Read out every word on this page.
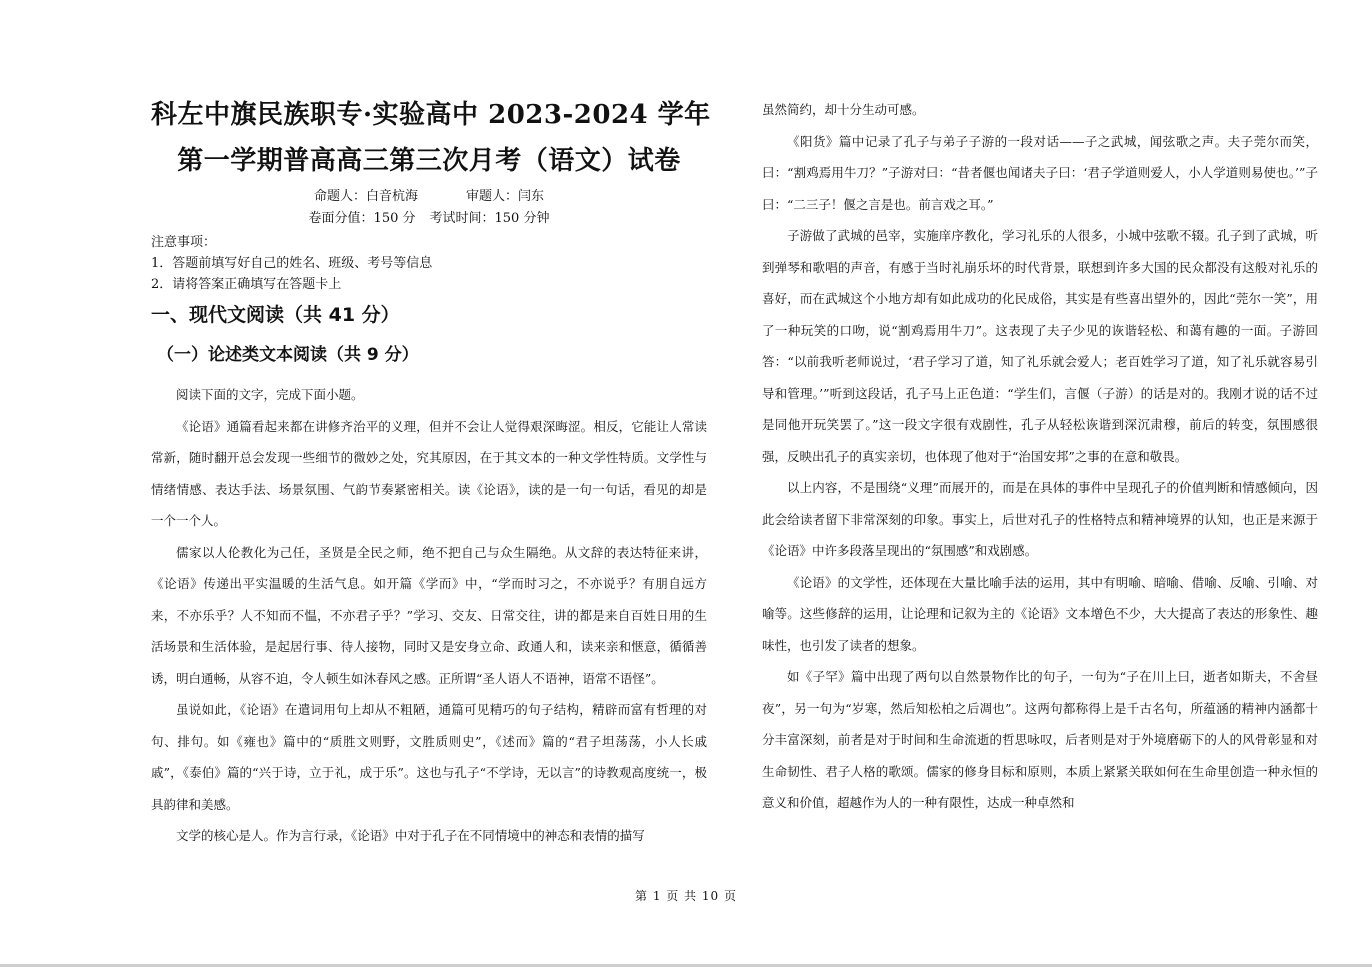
科左中旗民族职专·实验高中 2023-2024 学年
第一学期普高高三第三次月考（语文）试卷
命题人：白音杭海	审题人：闫东
卷面分值：150 分 考试时间：150 分钟
注意事项：
1．答题前填写好自己的姓名、班级、考号等信息
2．请将答案正确填写在答题卡上
一、现代文阅读（共 41 分）
（一）论述类文本阅读（共 9 分）

阅读下面的文字，完成下面小题。

《论语》通篇看起来都在讲修齐治平的义理，但并不会让人觉得艰深晦涩。相反，它能让人常读常新，随时翻开总会发现一些细节的微妙之处，究其原因，在于其文本的一种文学性特质。文学性与情绪情感、表达手法、场景氛围、气韵节奏紧密相关。读《论语》，读的是一句一句话，看见的却是一个一个人。

儒家以人伦教化为己任，圣贤是全民之师，绝不把自己与众生隔绝。从文辞的表达特征来讲，《论语》传递出平实温暖的生活气息。如开篇《学而》中，“学而时习之，不亦说乎？有朋自远方来，不亦乐乎？人不知而不愠，不亦君子乎？”学习、交友、日常交往，讲的都是来自百姓日用的生活场景和生活体验，是起居行事、待人接物，同时又是安身立命、政通人和，读来亲和惬意，循循善诱，明白通畅，从容不迫，令人顿生如沐春风之感。正所谓“圣人语人不语神，语常不语怪”。

虽说如此，《论语》在遣词用句上却从不粗陋，通篇可见精巧的句子结构，精辟而富有哲理的对句、排句。如《雍也》篇中的“质胜文则野，文胜质则史”，《述而》篇的“君子坦荡荡，小人长戚戚”，《泰伯》篇的“兴于诗，立于礼，成于乐”。这也与孔子“不学诗，无以言”的诗教观高度统一，极具韵律和美感。

文学的核心是人。作为言行录，《论语》中对于孔子在不同情境中的神态和表情的描写

虽然简约，却十分生动可感。

《阳货》篇中记录了孔子与弟子子游的一段对话——子之武城，闻弦歌之声。夫子莞尔而笑，曰：“割鸡焉用牛刀？”子游对曰：“昔者偃也闻诸夫子曰：‘君子学道则爱人，小人学道则易使也。’”子曰：“二三子！偃之言是也。前言戏之耳。”

子游做了武城的邑宰，实施庠序教化，学习礼乐的人很多，小城中弦歌不辍。孔子到了武城，听到弹琴和歌唱的声音，有感于当时礼崩乐坏的时代背景，联想到许多大国的民众都没有这般对礼乐的喜好，而在武城这个小地方却有如此成功的化民成俗，其实是有些喜出望外的，因此“莞尔一笑”，用了一种玩笑的口吻，说“割鸡焉用牛刀”。这表现了夫子少见的诙谐轻松、和蔼有趣的一面。子游回答：“以前我听老师说过，‘君子学习了道，知了礼乐就会爱人；老百姓学习了道，知了礼乐就容易引导和管理。’”听到这段话，孔子马上正色道：“学生们，言偃（子游）的话是对的。我刚才说的话不过是同他开玩笑罢了。”这一段文字很有戏剧性，孔子从轻松诙谐到深沉肃穆，前后的转变，氛围感很强，反映出孔子的真实亲切，也体现了他对于“治国安邦”之事的在意和敬畏。

以上内容，不是围绕“义理”而展开的，而是在具体的事件中呈现孔子的价值判断和情感倾向，因此会给读者留下非常深刻的印象。事实上，后世对孔子的性格特点和精神境界的认知，也正是来源于《论语》中许多段落呈现出的“氛围感”和戏剧感。

《论语》的文学性，还体现在大量比喻手法的运用，其中有明喻、暗喻、借喻、反喻、引喻、对喻等。这些修辞的运用，让论理和记叙为主的《论语》文本增色不少，大大提高了表达的形象性、趣味性，也引发了读者的想象。

如《子罕》篇中出现了两句以自然景物作比的句子，一句为“子在川上曰，逝者如斯夫，不舍昼夜”，另一句为“岁寒，然后知松柏之后凋也”。这两句都称得上是千古名句，所蕴涵的精神内涵都十分丰富深刻，前者是对于时间和生命流逝的哲思咏叹，后者则是对于外境磨砺下的人的风骨彰显和对生命韧性、君子人格的歌颂。儒家的修身目标和原则，本质上紧紧关联如何在生命里创造一种永恒的意义和价值，超越作为人的一种有限性，达成一种卓然和

第 1 页 共 10 页
